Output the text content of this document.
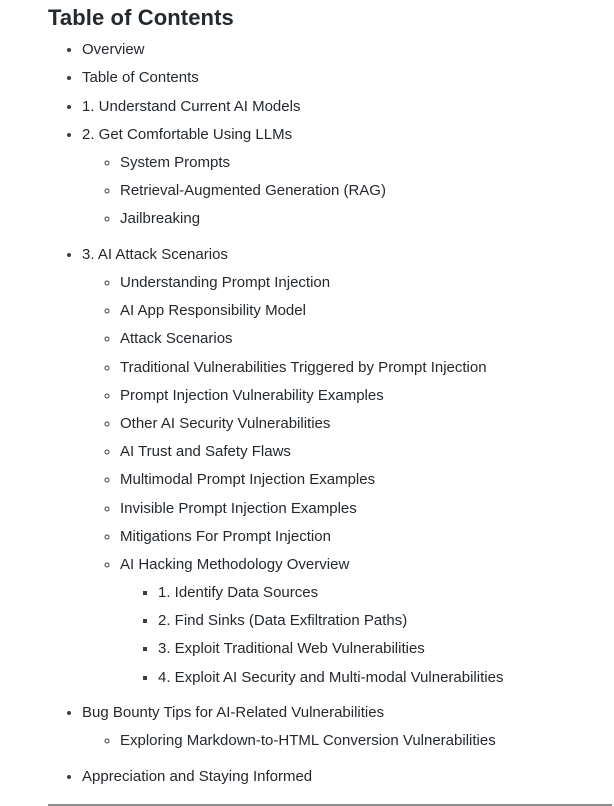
Table of Contents
• Overview
• Table of Contents
• 1. Understand Current AI Models
• 2. Get Comfortable Using LLMs
◦ System Prompts
◦ Retrieval-Augmented Generation (RAG)
◦ Jailbreaking
• 3. AI Attack Scenarios
◦ Understanding Prompt Injection
◦ AI App Responsibility Model
◦ Attack Scenarios
◦ Traditional Vulnerabilities Triggered by Prompt Injection
◦ Prompt Injection Vulnerability Examples
◦ Other AI Security Vulnerabilities
◦ AI Trust and Safety Flaws
◦ Multimodal Prompt Injection Examples
◦ Invisible Prompt Injection Examples
◦ Mitigations For Prompt Injection
◦ AI Hacking Methodology Overview
▪ 1. Identify Data Sources
▪ 2. Find Sinks (Data Exfiltration Paths)
▪ 3. Exploit Traditional Web Vulnerabilities
▪ 4. Exploit AI Security and Multi-modal Vulnerabilities
• Bug Bounty Tips for AI-Related Vulnerabilities
◦ Exploring Markdown-to-HTML Conversion Vulnerabilities
• Appreciation and Staying Informed
